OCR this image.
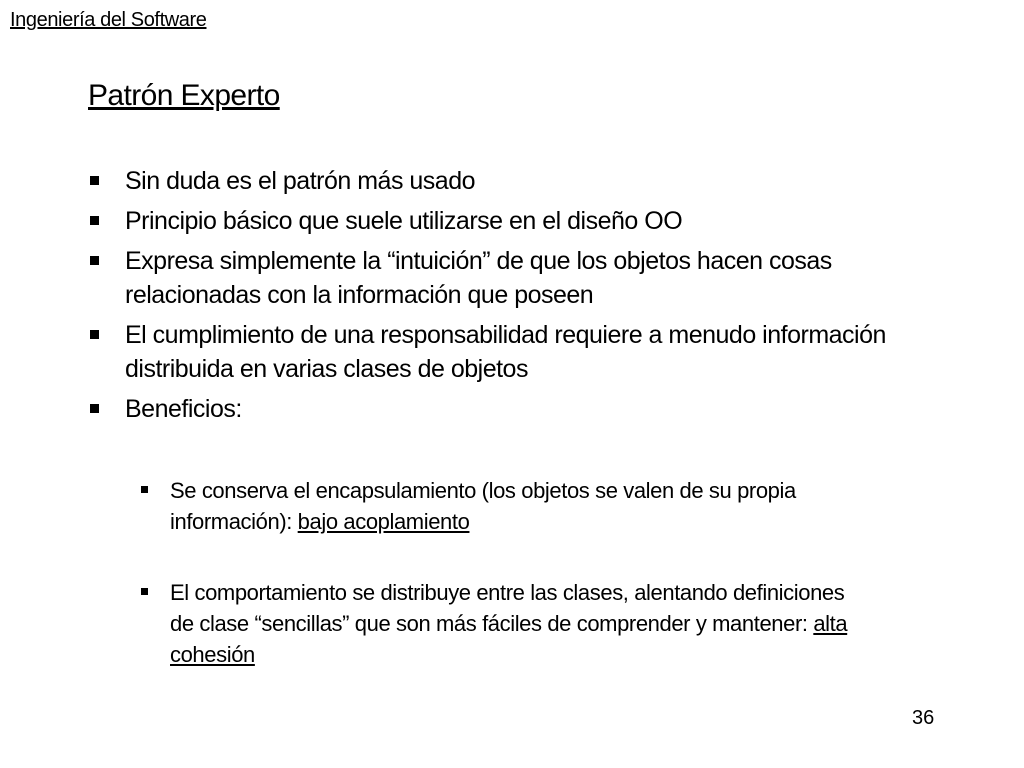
Ingeniería del Software
Patrón Experto
Sin duda es el patrón más usado
Principio básico que suele utilizarse en el diseño OO
Expresa simplemente la “intuición” de que los objetos hacen cosas relacionadas con la información que poseen
El cumplimiento de una responsabilidad requiere a menudo información distribuida en varias clases de objetos
Beneficios:
Se conserva el encapsulamiento (los objetos se valen de su propia información): bajo acoplamiento
El comportamiento se distribuye entre las clases, alentando definiciones de clase “sencillas” que son más fáciles de comprender y mantener: alta cohesión
36
